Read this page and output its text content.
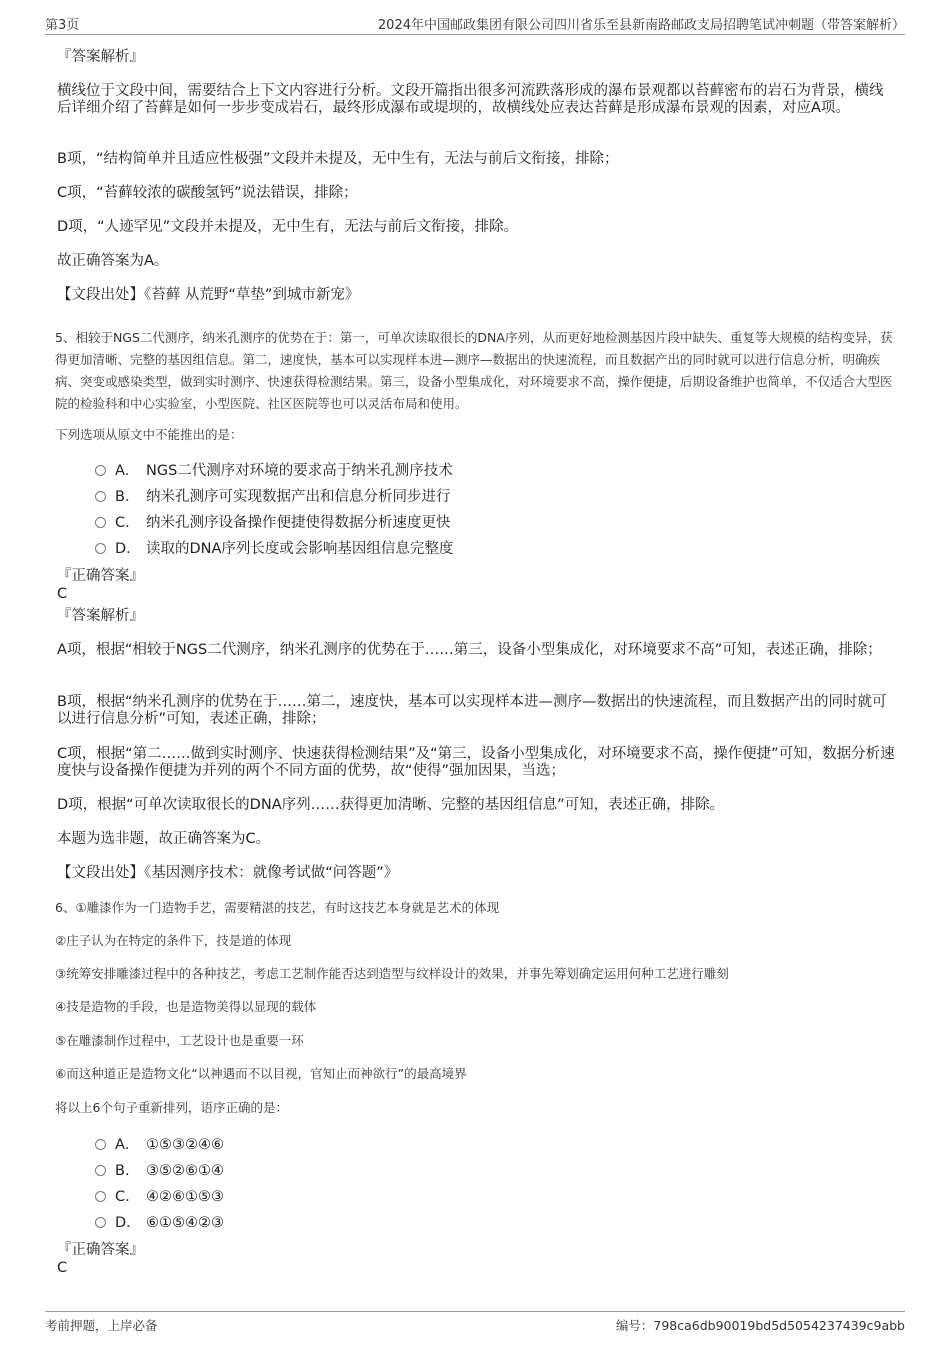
第3页	2024年中国邮政集团有限公司四川省乐至县新南路邮政支局招聘笔试冲刺题（带答案解析）
『答案解析』
横线位于文段中间，需要结合上下文内容进行分析。文段开篇指出很多河流跌落形成的瀑布景观都以苔藓密布的岩石为背景，横线后详细介绍了苔藓是如何一步步变成岩石，最终形成瀑布或堤坝的，故横线处应表达苔藓是形成瀑布景观的因素，对应A项。
B项，“结构简单并且适应性极强”文段并未提及，无中生有，无法与前后文衔接，排除；
C项，“苔藓较浓的碳酸氢钙”说法错误，排除；
D项，“人迹罕见”文段并未提及，无中生有，无法与前后文衔接，排除。
故正确答案为A。
【文段出处】《苔藓 从荒野“草垫”到城市新宠》
5、相较于NGS二代测序，纳米孔测序的优势在于：第一，可单次读取很长的DNA序列，从而更好地检测基因片段中缺失、重复等大规模的结构变异，获得更加清晰、完整的基因组信息。第二，速度快，基本可以实现样本进—测序—数据出的快速流程，而且数据产出的同时就可以进行信息分析，明确疾病、突变或感染类型，做到实时测序、快速获得检测结果。第三，设备小型集成化，对环境要求不高，操作便捷，后期设备维护也简单，不仅适合大型医院的检验科和中心实验室，小型医院、社区医院等也可以灵活布局和使用。
下列选项从原文中不能推出的是：
A． NGS二代测序对环境的要求高于纳米孔测序技术
B． 纳米孔测序可实现数据产出和信息分析同步进行
C． 纳米孔测序设备操作便捷使得数据分析速度更快
D． 读取的DNA序列长度或会影响基因组信息完整度
『正确答案』
C
『答案解析』
A项，根据“相较于NGS二代测序，纳米孔测序的优势在于……第三，设备小型集成化，对环境要求不高”可知，表述正确，排除；
B项，根据“纳米孔测序的优势在于……第二，速度快，基本可以实现样本进—测序—数据出的快速流程，而且数据产出的同时就可以进行信息分析”可知，表述正确，排除；
C项，根据“第二……做到实时测序、快速获得检测结果”及“第三，设备小型集成化，对环境要求不高，操作便捷”可知，数据分析速度快与设备操作便捷为并列的两个不同方面的优势，故“使得”强加因果，当选；
D项，根据“可单次读取很长的DNA序列……获得更加清晰、完整的基因组信息”可知，表述正确，排除。
本题为选非题，故正确答案为C。
【文段出处】《基因测序技术：就像考试做“问答题”》
6、①雕漆作为一门造物手艺，需要精湛的技艺，有时这技艺本身就是艺术的体现
②庄子认为在特定的条件下，技是道的体现
③统筹安排雕漆过程中的各种技艺，考虑工艺制作能否达到造型与纹样设计的效果，并事先筹划确定运用何种工艺进行雕刻
④技是造物的手段，也是造物美得以显现的载体
⑤在雕漆制作过程中，工艺设计也是重要一环
⑥而这种道正是造物文化“以神遇而不以目视，官知止而神欲行”的最高境界
将以上6个句子重新排列，语序正确的是：
A． ①⑤③②④⑥
B． ③⑤②⑥①④
C． ④②⑥①⑤③
D． ⑥①⑤④②③
『正确答案』
C
考前押题，上岸必备	编号：798ca6db90019bd5d5054237439c9abb
